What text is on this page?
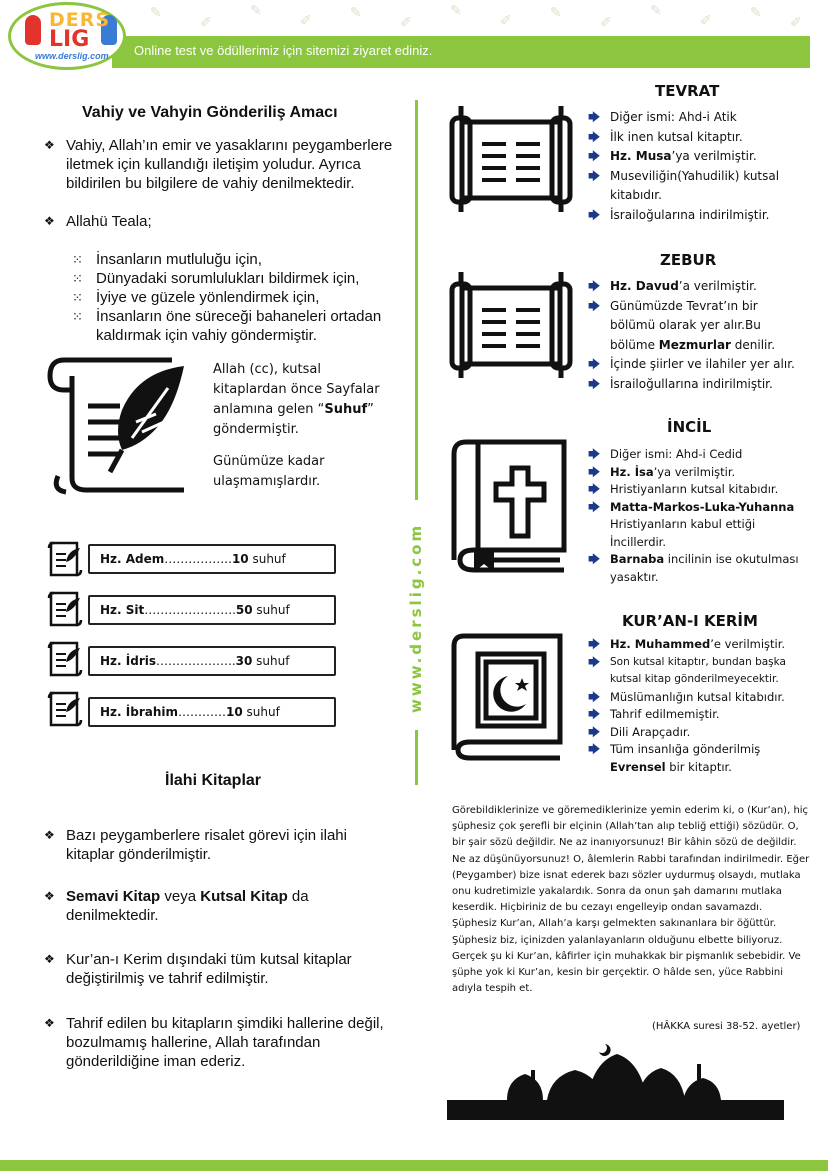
✎
✐
✎
✐	✎
✐
✎
✐	✎
✐
✎
✐	✎
✐
Online test ve ödüllerimiz için sitemizi ziyaret ediniz.
DERS
LIG
www.derslig.com
www.derslig.com
Vahiy ve Vahyin Gönderiliş Amacı
❖ Vahiy, Allah’ın emir ve yasaklarını peygamberlere iletmek için kullandığı iletişim yoludur. Ayrıca bildirilen bu bilgilere de vahiy denilmektedir.
❖ Allahü Teala;
⁙ İnsanların mutluluğu için,
⁙ Dünyadaki sorumlulukları bildirmek için,
⁙ İyiye ve güzele yönlendirmek için,
⁙ İnsanların öne süreceği bahaneleri ortadan kaldırmak için vahiy göndermiştir.
Allah (cc), kutsal kitaplardan önce Sayfalar anlamına gelen “Suhuf” göndermiştir.
Günümüze kadar ulaşmamışlardır.
Hz. Adem……………..10 suhuf
Hz. Sit…………………..50 suhuf
Hz. İdris………………..30 suhuf
Hz. İbrahim…………10 suhuf
İlahi Kitaplar
❖ Bazı peygamberlere risalet görevi için ilahi kitaplar gönderilmiştir.
❖ Semavi Kitap veya Kutsal Kitap da denilmektedir.
❖ Kur’an-ı Kerim dışındaki tüm kutsal kitaplar değiştirilmiş ve tahrif edilmiştir.
❖ Tahrif edilen bu kitapların şimdiki hallerine değil, bozulmamış hallerine, Allah tarafından gönderildiğine iman ederiz.
TEVRAT
🡆 Diğer ismi: Ahd-i Atik
🡆 İlk inen kutsal kitaptır.
🡆 Hz. Musa’ya verilmiştir.
🡆 Museviliğin(Yahudilik) kutsal kitabıdır.
🡆 İsrailoğularına indirilmiştir.
ZEBUR
🡆 Hz. Davud’a verilmiştir.
🡆 Günümüzde Tevrat’ın bir bölümü olarak yer alır.Bu bölüme Mezmurlar denilir.
🡆 İçinde şiirler ve ilahiler yer alır.
🡆 İsrailoğullarına indirilmiştir.
İNCİL
🡆 Diğer ismi: Ahd-i Cedid
🡆 Hz. İsa’ya verilmiştir.
🡆 Hristiyanların kutsal kitabıdır.
🡆 Matta-Markos-Luka-Yuhanna Hristiyanların kabul ettiği İncillerdir.
🡆 Barnaba incilinin ise okutulması yasaktır.
KUR’AN-I KERİM
🡆 Hz. Muhammed’e verilmiştir.
🡆 Son kutsal kitaptır, bundan başka kutsal kitap gönderilmeyecektir.
🡆 Müslümanlığın kutsal kitabıdır.
🡆 Tahrif edilmemiştir.
🡆 Dili Arapçadır.
🡆 Tüm insanlığa gönderilmiş
Evrensel bir kitaptır.
Görebildiklerinize ve göremediklerinize yemin ederim ki, o (Kur’an), hiç şüphesiz çok şerefli bir elçinin (Allah’tan alıp tebliğ ettiği) sözüdür. O, bir şair sözü değildir. Ne az inanıyorsunuz! Bir kâhin sözü de değildir. Ne az düşünüyorsunuz! O, âlemlerin Rabbi tarafından indirilmedir. Eğer (Peygamber) bize isnat ederek bazı sözler uydurmuş olsaydı, mutlaka onu kudretimizle yakalardık. Sonra da onun şah damarını mutlaka keserdik. Hiçbiriniz de bu cezayı engelleyip ondan savamazdı. Şüphesiz Kur’an, Allah’a karşı gelmekten sakınanlara bir öğüttür. Şüphesiz biz, içinizden yalanlayanların olduğunu elbette biliyoruz. Gerçek şu ki Kur’an, kâfirler için muhakkak bir pişmanlık sebebidir. Ve şüphe yok ki Kur’an, kesin bir gerçektir. O hâlde sen, yüce Rabbini adıyla tespih et.
(HÂKKA suresi 38-52. ayetler)
